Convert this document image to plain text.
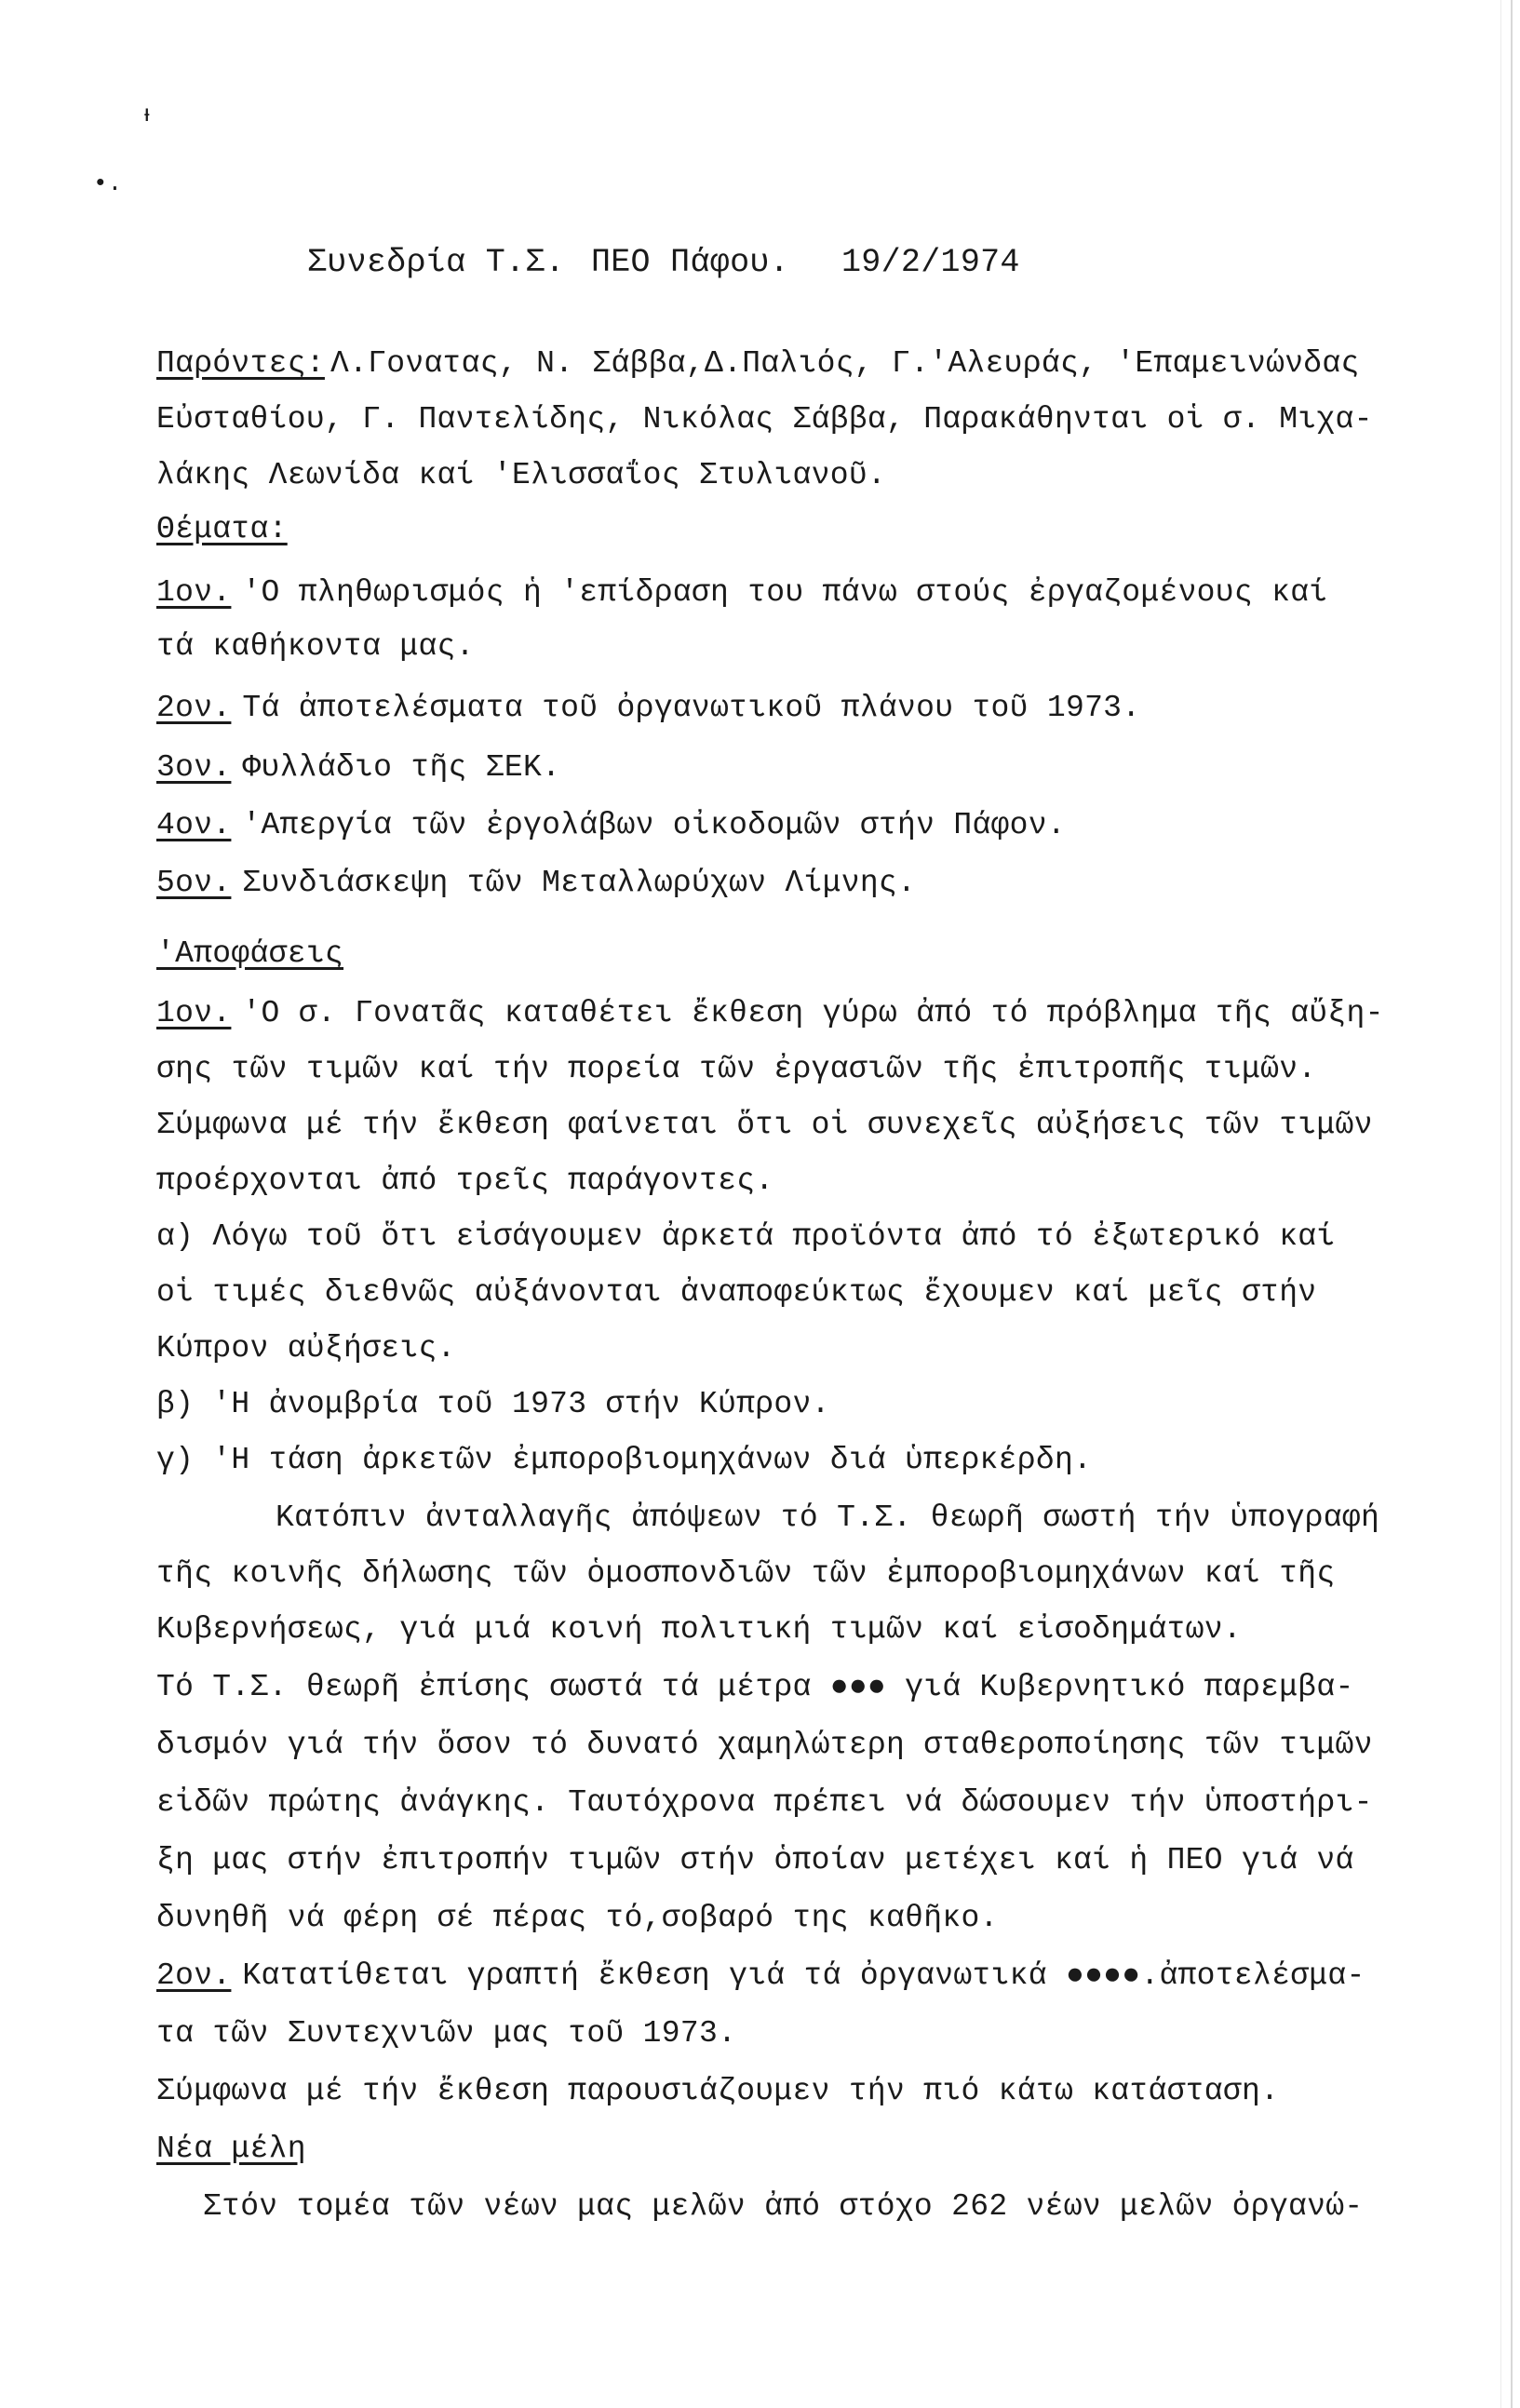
ᵻ
•.
Συνεδρία Τ.Σ. ΠΕΟ Πάφου. 19/2/1974
Παρόντες: Λ.Γονατας, Ν. Σάββα,Δ.Παλιός, Γ.'Αλευράς, 'Επαμεινώνδας
Εὐσταθίου, Γ. Παντελίδης, Νικόλας Σάββα, Παρακάθηνται οἱ σ. Μιχα-
λάκης Λεωνίδα καί 'Ελισσαΐος Στυλιανοῦ.
Θέματα:
1ον. 'Ο πληθωρισμός ἡ 'επίδραση του πάνω στούς ἐργαζομένους καί
τά καθήκοντα μας.
2ον. Τά ἀποτελέσματα τοῦ ὀργανωτικοῦ πλάνου τοῦ 1973.
3ον. Φυλλάδιο τῆς ΣΕΚ.
4ον. 'Απεργία τῶν ἐργολάβων οἰκοδομῶν στήν Πάφον.
5ον. Συνδιάσκεψη τῶν Μεταλλωρύχων Λίμνης.
'Αποφάσεις
1ον. 'Ο σ. Γονατᾶς καταθέτει ἔκθεση γύρω ἀπό τό πρόβλημα τῆς αὔξη-
σης τῶν τιμῶν καί τήν πορεία τῶν ἐργασιῶν τῆς ἐπιτροπῆς τιμῶν.
Σύμφωνα μέ τήν ἔκθεση φαίνεται ὅτι οἱ συνεχεῖς αὐξήσεις τῶν τιμῶν
προέρχονται ἀπό τρεῖς παράγοντες.
α) Λόγω τοῦ ὅτι εἰσάγουμεν ἀρκετά προϊόντα ἀπό τό ἐξωτερικό καί
οἱ τιμές διεθνῶς αὐξάνονται ἀναποφεύκτως ἔχουμεν καί μεῖς στήν
Κύπρον αὐξήσεις.
β) 'Η ἀνομβρία τοῦ 1973 στήν Κύπρον.
γ) 'Η τάση ἀρκετῶν ἐμποροβιομηχάνων διά ὑπερκέρδη.
Κατόπιν ἀνταλλαγῆς ἀπόψεων τό Τ.Σ. θεωρῆ σωστή τήν ὑπογραφή
τῆς κοινῆς δήλωσης τῶν ὁμοσπονδιῶν τῶν ἐμποροβιομηχάνων καί τῆς
Κυβερνήσεως, γιά μιά κοινή πολιτική τιμῶν καί εἰσοδημάτων.
Τό Τ.Σ. θεωρῆ ἐπίσης σωστά τά μέτρα ●●● γιά Κυβερνητικό παρεμβα-
δισμόν γιά τήν ὅσον τό δυνατό χαμηλώτερη σταθεροποίησης τῶν τιμῶν
εἰδῶν πρώτης ἀνάγκης. Ταυτόχρονα πρέπει νά δώσουμεν τήν ὑποστήρι-
ξη μας στήν ἐπιτροπήν τιμῶν στήν ὁποίαν μετέχει καί ἡ ΠΕΟ γιά νά
δυνηθῆ νά φέρη σέ πέρας τό,σοβαρό της καθῆκο.
2ον. Κατατίθεται γραπτή ἔκθεση γιά τά ὀργανωτικά ●●●●.ἀποτελέσμα-
τα τῶν Συντεχνιῶν μας τοῦ 1973.
Σύμφωνα μέ τήν ἔκθεση παρουσιάζουμεν τήν πιό κάτω κατάσταση.
Νέα μέλη
Στόν τομέα τῶν νέων μας μελῶν ἀπό στόχο 262 νέων μελῶν ὀργανώ-
